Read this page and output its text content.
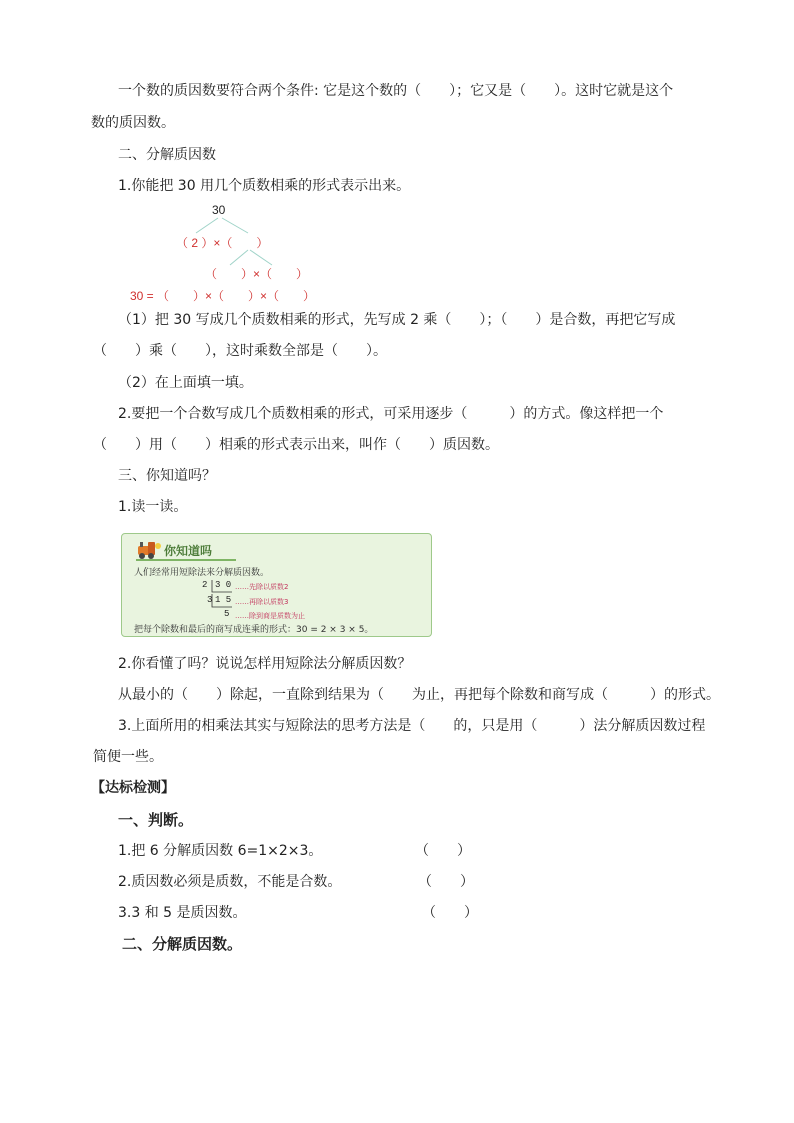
一个数的质因数要符合两个条件: 它是这个数的（　　）；它又是（　　）。这时它就是这个
数的质因数。
二、分解质因数
1.你能把 30 用几个质数相乘的形式表示出来。
30
（ 2 ）×（　　）
（　　）×（　　）
30 = （　　）×（　　）×（　　）
（1）把 30 写成几个质数相乘的形式，先写成 2 乘（　　）；（　　）是合数，再把它写成
（　　）乘（　　），这时乘数全部是（　　）。
（2）在上面填一填。
2.要把一个合数写成几个质数相乘的形式，可采用逐步（　　　）的方式。像这样把一个
（　　）用（　　）相乘的形式表示出来，叫作（　　）质因数。
三、你知道吗？
1.读一读。
你知道吗
人们经常用短除法来分解质因数。
2 3 0 ……先除以质数2
3 1 5 ……再除以质数3
5 ……除到商是质数为止
把每个除数和最后的商写成连乘的形式：30 = 2 × 3 × 5。
2.你看懂了吗？说说怎样用短除法分解质因数？
从最小的（　　）除起，一直除到结果为（　　为止，再把每个除数和商写成（　　　）的形式。
3.上面所用的相乘法其实与短除法的思考方法是（　　的，只是用（　　　）法分解质因数过程
简便一些。
【达标检测】
一、判断。
1.把 6 分解质因数 6=1×2×3。	（　　）
2.质因数必须是质数，不能是合数。	（　　）
3.3 和 5 是质因数。	（　　）
二、分解质因数。
